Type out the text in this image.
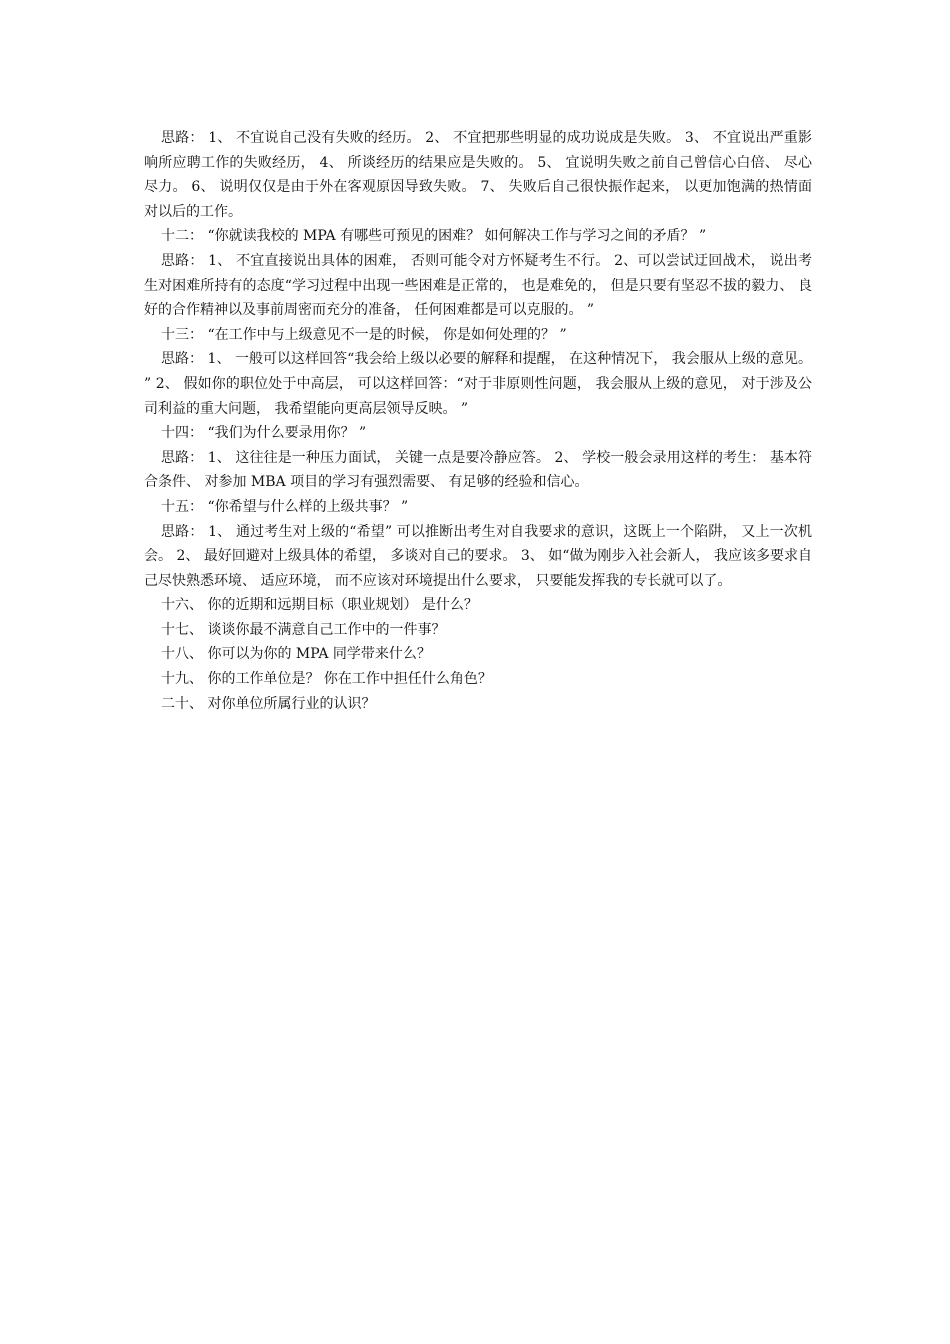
思路： 1、 不宜说自己没有失败的经历。 2、 不宜把那些明显的成功说成是失败。 3、 不宜说出严重影响所应聘工作的失败经历， 4、 所谈经历的结果应是失败的。 5、 宜说明失败之前自己曾信心白倍、 尽心尽力。 6、 说明仅仅是由于外在客观原因导致失败。 7、 失败后自己很快振作起来， 以更加饱满的热情面对以后的工作。

十二： “你就读我校的 MPA 有哪些可预见的困难？ 如何解决工作与学习之间的矛盾？ ”

思路： 1、 不宜直接说出具体的困难， 否则可能令对方怀疑考生不行。 2、可以尝试迂回战术， 说出考生对困难所持有的态度“学习过程中出现一些困难是正常的， 也是难免的， 但是只要有坚忍不拔的毅力、 良好的合作精神以及事前周密而充分的准备， 任何困难都是可以克服的。 ”

十三： “在工作中与上级意见不一是的时候， 你是如何处理的？ ”

思路： 1、 一般可以这样回答“我会给上级以必要的解释和提醒， 在这种情况下， 我会服从上级的意见。 ” 2、 假如你的职位处于中高层， 可以这样回答：“对于非原则性问题， 我会服从上级的意见， 对于涉及公司利益的重大问题， 我希望能向更高层领导反映。 ”

十四： “我们为什么要录用你？ ”

思路： 1、 这往往是一种压力面试， 关键一点是要冷静应答。 2、 学校一般会录用这样的考生： 基本符合条件、 对参加 MBA 项目的学习有强烈需要、 有足够的经验和信心。

十五： “你希望与什么样的上级共事？ ”

思路： 1、 通过考生对上级的“希望” 可以推断出考生对自我要求的意识，这既上一个陷阱， 又上一次机会。 2、 最好回避对上级具体的希望， 多谈对自己的要求。 3、 如“做为刚步入社会新人， 我应该多要求自己尽快熟悉环境、 适应环境， 而不应该对环境提出什么要求， 只要能发挥我的专长就可以了。

十六、 你的近期和远期目标（职业规划） 是什么？

十七、 谈谈你最不满意自己工作中的一件事？

十八、 你可以为你的 MPA 同学带来什么？

十九、 你的工作单位是？ 你在工作中担任什么角色？

二十、 对你单位所属行业的认识？
